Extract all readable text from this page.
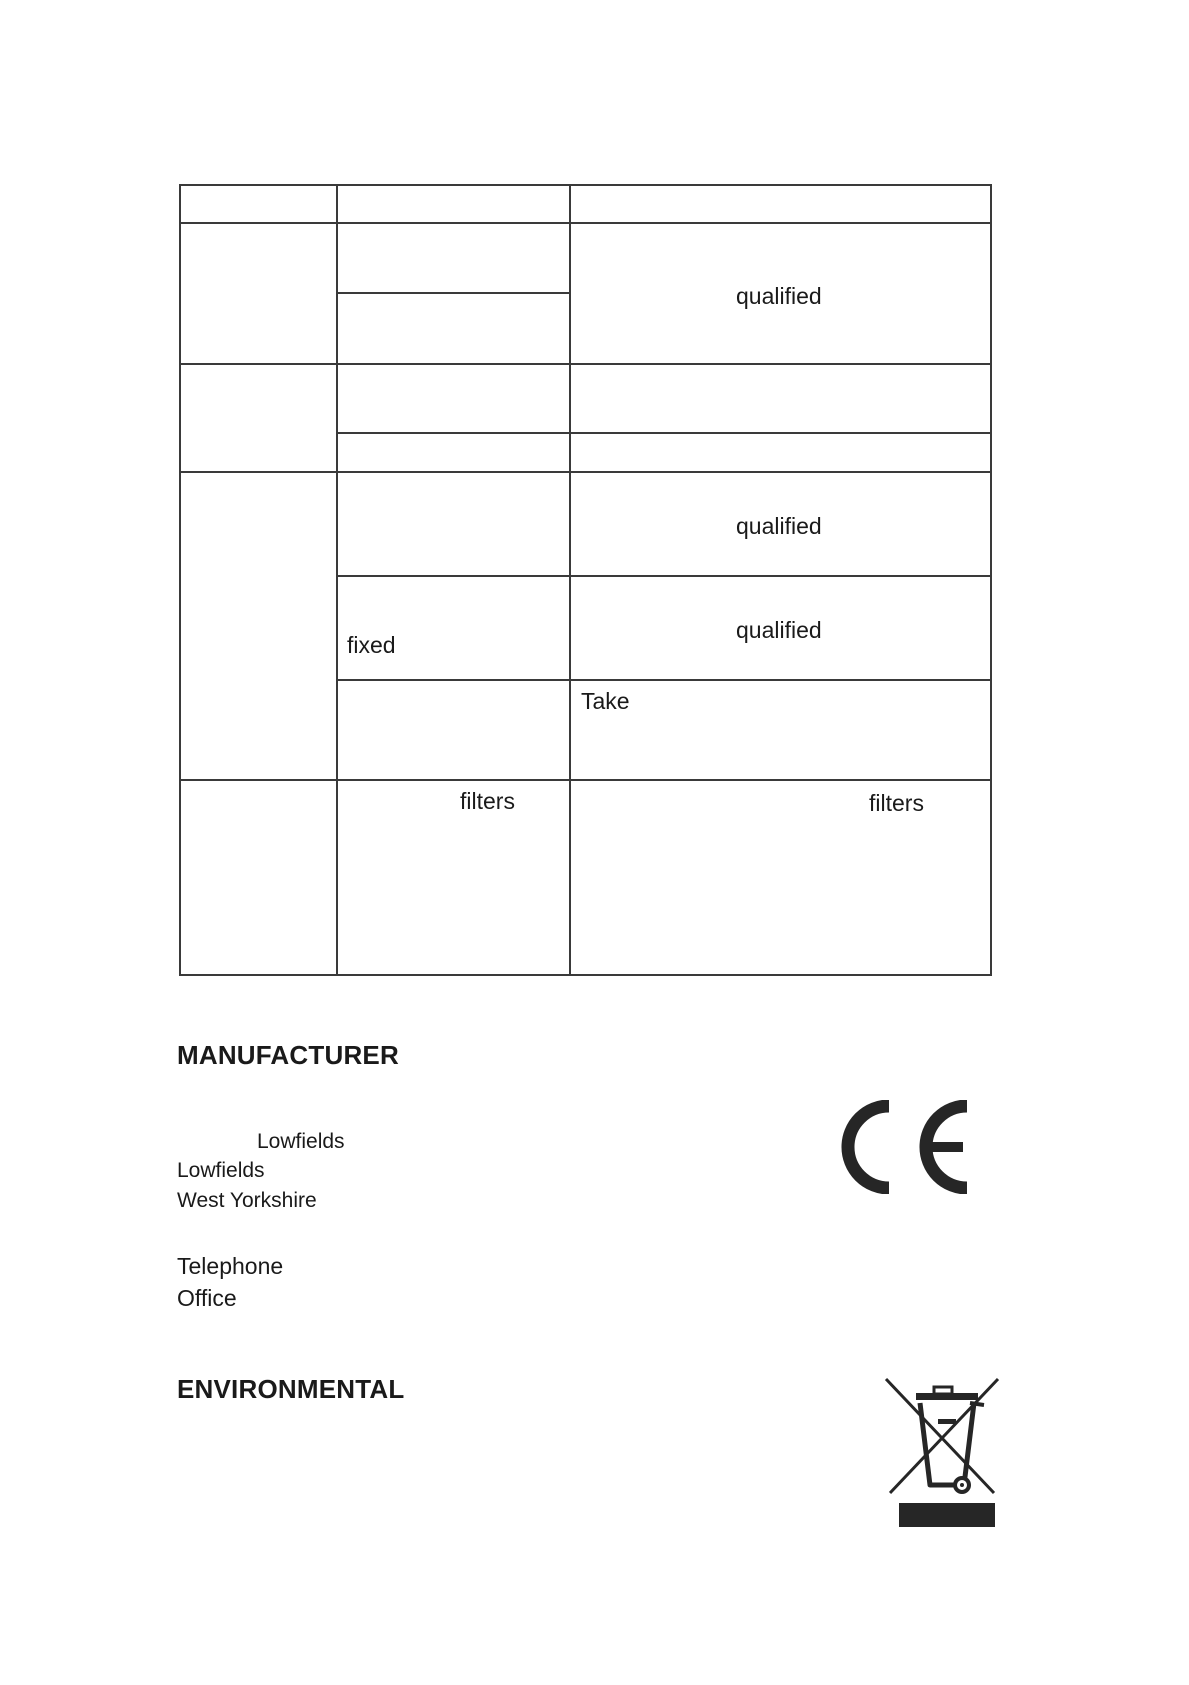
qualified
qualified
fixed
qualified
Take
filters	filters
MANUFACTURER
Lowfields
Lowfields
West Yorkshire
Telephone
Office
ENVIRONMENTAL
